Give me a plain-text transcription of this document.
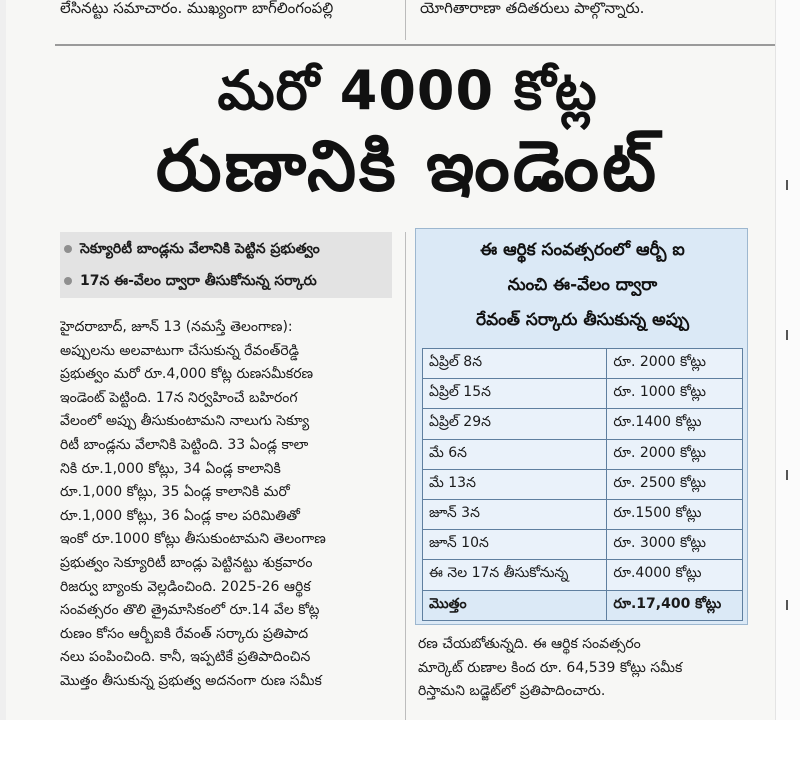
లేసినట్టు సమాచారం. ముఖ్యంగా బాగ్‌లింగంపల్లి	యోగితారాణా తదితరులు పాల్గొన్నారు.
మరో 4000 కోట్ల
రుణానికి ఇండెంట్
సెక్యూరిటీ బాండ్లను వేలానికి పెట్టిన ప్రభుత్వం
17న ఈ-వేలం ద్వారా తీసుకోనున్న సర్కారు
హైదరాబాద్, జూన్ 13 (నమస్తే తెలంగాణ):
అప్పులను అలవాటుగా చేసుకున్న రేవంత్‌రెడ్డి
ప్రభుత్వం మరో రూ.4,000 కోట్ల రుణసమీకరణ
ఇండెంట్ పెట్టింది. 17న నిర్వహించే బహిరంగ
వేలంలో అప్పు తీసుకుంటామని నాలుగు సెక్యూ
రిటీ బాండ్లను వేలానికి పెట్టింది. 33 ఏండ్ల కాలా
నికి రూ.1,000 కోట్లు, 34 ఏండ్ల కాలానికి
రూ.1,000 కోట్లు, 35 ఏండ్ల కాలానికి మరో
రూ.1,000 కోట్లు, 36 ఏండ్ల కాల పరిమితితో
ఇంకో రూ.1000 కోట్లు తీసుకుంటామని తెలంగాణ
ప్రభుత్వం సెక్యూరిటీ బాండ్లు పెట్టినట్టు శుక్రవారం
రిజర్వు బ్యాంకు వెల్లడించింది. 2025-26 ఆర్థిక
సంవత్సరం తొలి త్రైమాసికంలో రూ.14 వేల కోట్ల
రుణం కోసం ఆర్బీఐకి రేవంత్ సర్కారు ప్రతిపాద
నలు పంపించింది. కానీ, ఇప్పటికే ప్రతిపాదించిన
మొత్తం తీసుకున్న ప్రభుత్వ అదనంగా రుణ సమీక
ఈ ఆర్థిక సంవత్సరంలో ఆర్బీ ఐ
నుంచి ఈ-వేలం ద్వారా
రేవంత్ సర్కారు తీసుకున్న అప్పు
ఏప్రిల్ 8న	రూ. 2000 కోట్లు
ఏప్రిల్ 15న	రూ. 1000 కోట్లు
ఏప్రిల్ 29న	రూ.1400 కోట్లు
మే 6న	రూ. 2000 కోట్లు
మే 13న	రూ. 2500 కోట్లు
జూన్ 3న	రూ.1500 కోట్లు
జూన్ 10న	రూ. 3000 కోట్లు
ఈ నెల 17న తీసుకోనున్న	రూ.4000 కోట్లు
మొత్తం	రూ.17,400 కోట్లు
రణ చేయబోతున్నది. ఈ ఆర్థిక సంవత్సరం
మార్కెట్ రుణాల కింద రూ. 64,539 కోట్లు సమీక
రిస్తామని బడ్జెట్‌లో ప్రతిపాదించారు.
